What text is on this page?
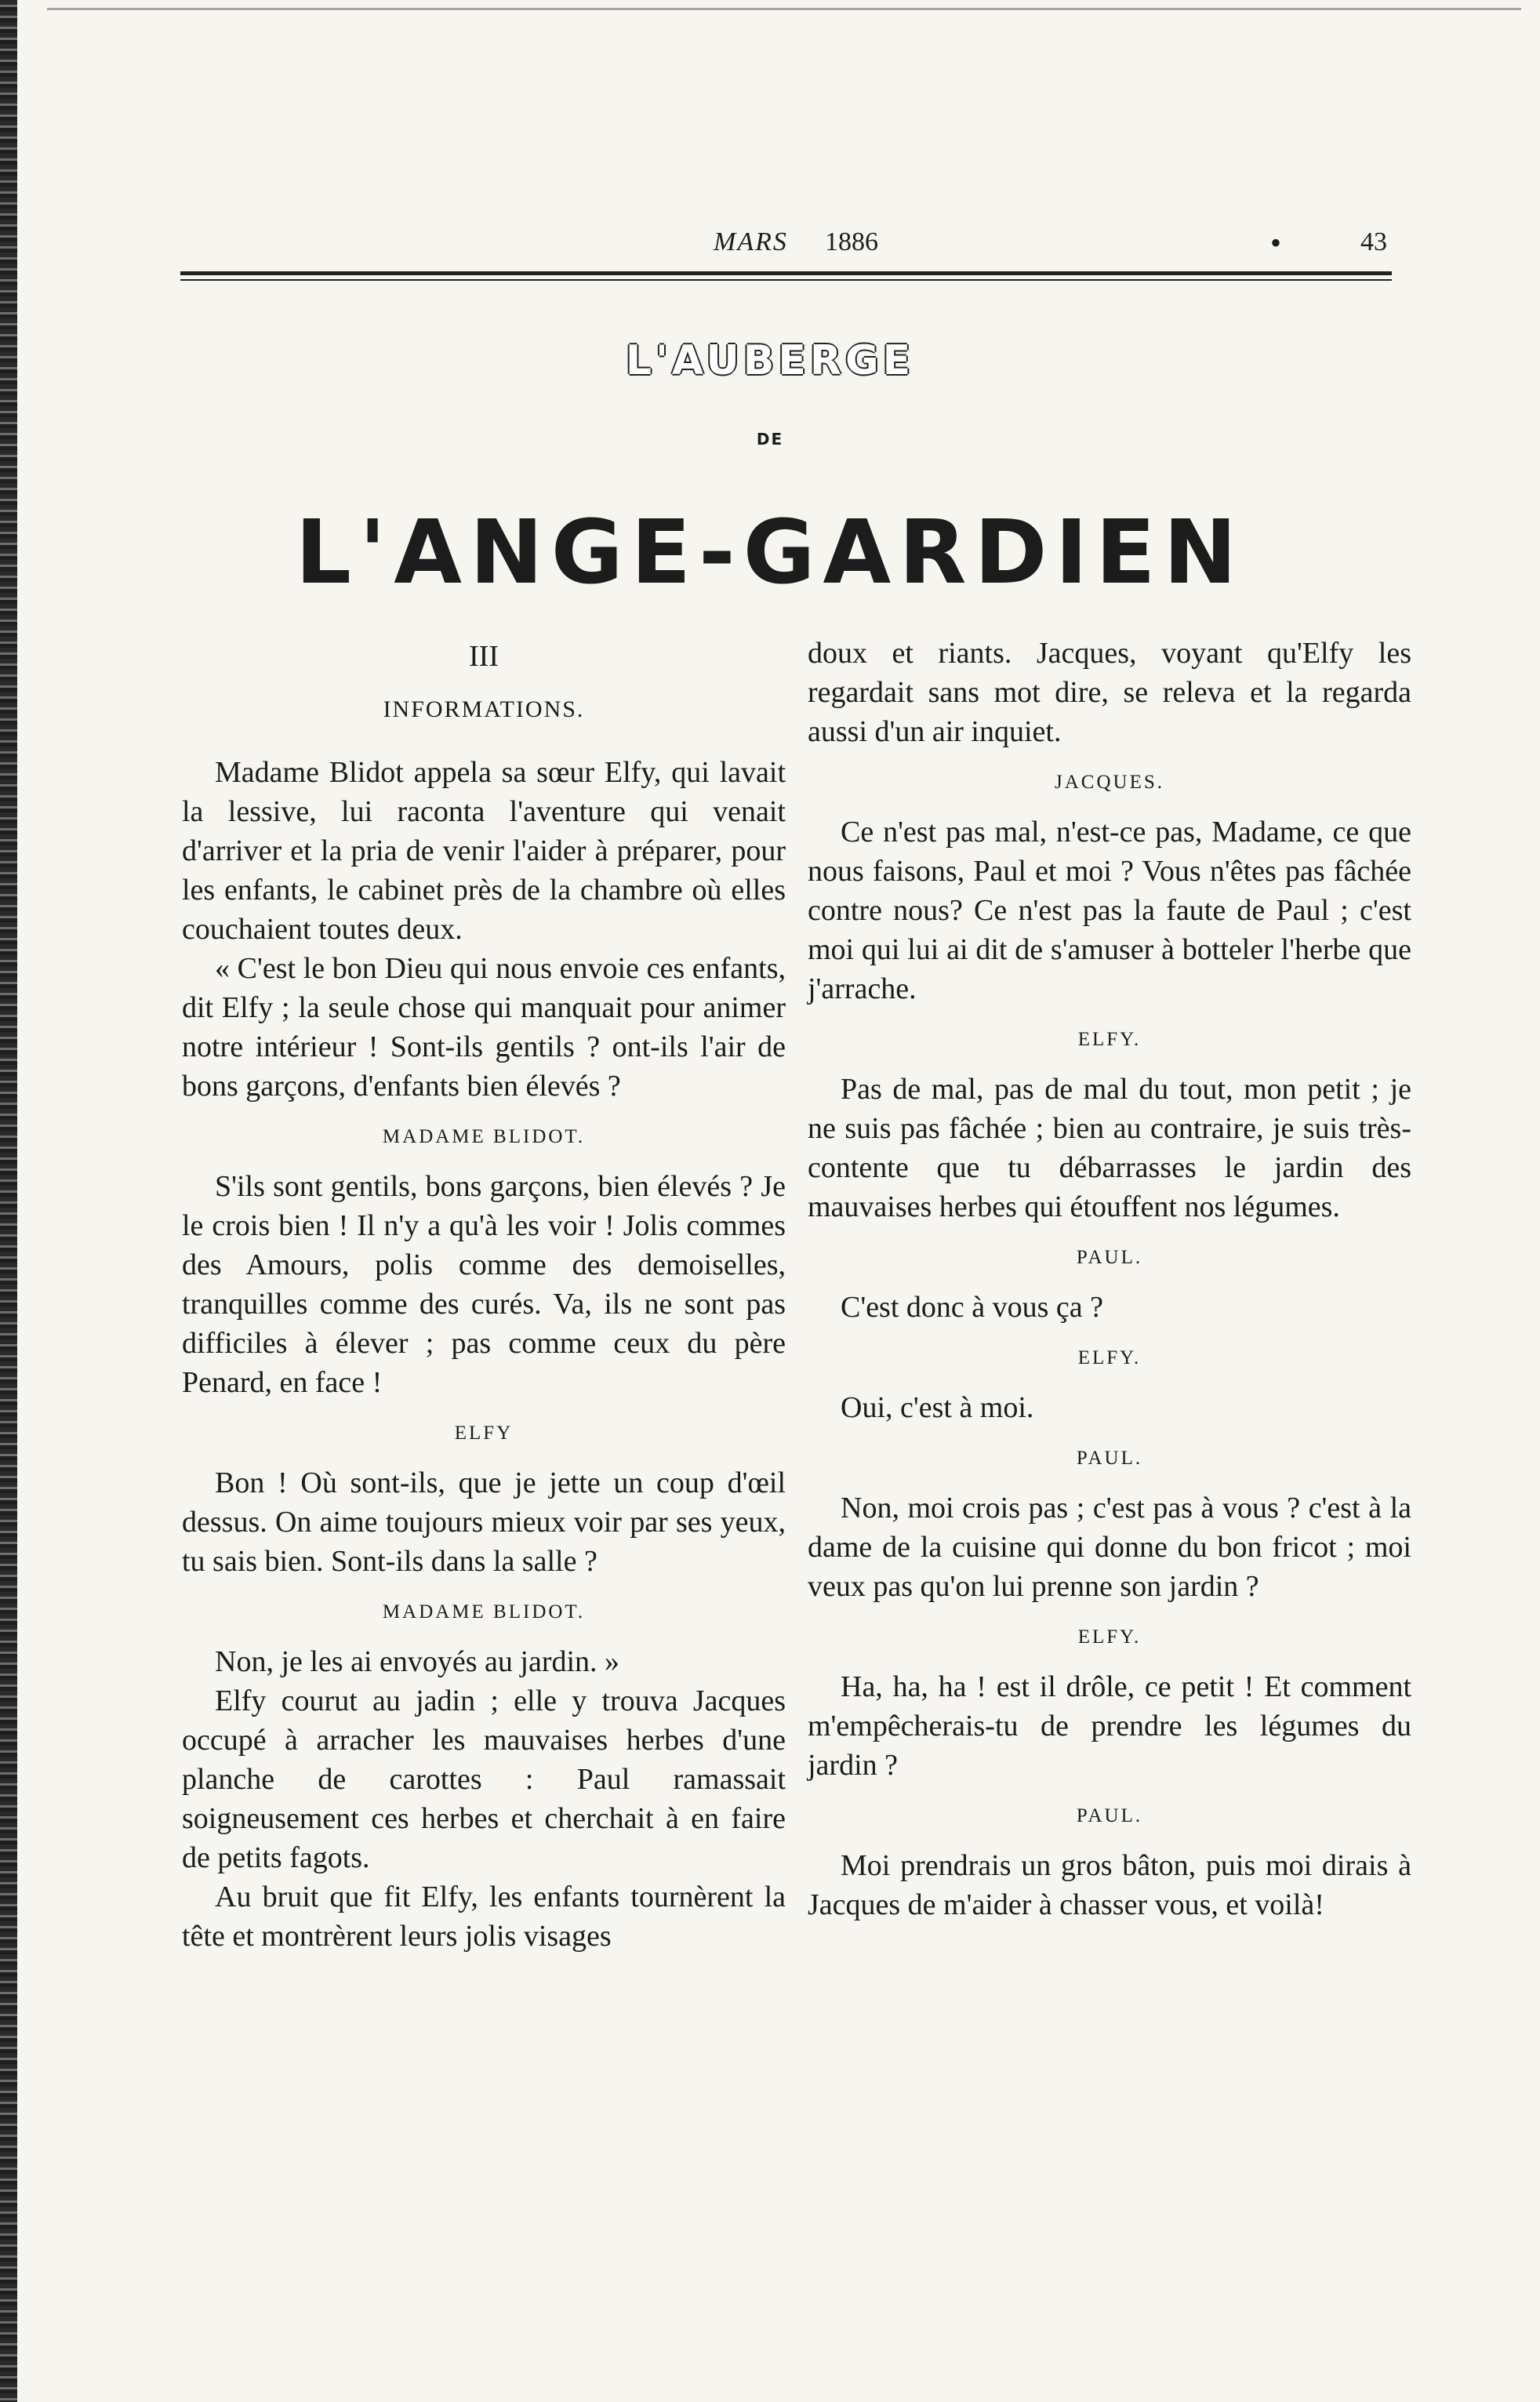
MARS 1886	•	43
L'AUBERGE
DE
L'ANGE-GARDIEN
III
INFORMATIONS.

Madame Blidot appela sa sœur Elfy, qui lavait la lessive, lui raconta l'aventure qui venait d'arriver et la pria de venir l'aider à préparer, pour les enfants, le cabinet près de la chambre où elles couchaient toutes deux.

« C'est le bon Dieu qui nous envoie ces enfants, dit Elfy ; la seule chose qui manquait pour animer notre intérieur ! Sont-ils gentils ? ont-ils l'air de bons garçons, d'enfants bien élevés ?

MADAME BLIDOT.

S'ils sont gentils, bons garçons, bien élevés ? Je le crois bien ! Il n'y a qu'à les voir ! Jolis commes des Amours, polis comme des demoiselles, tranquilles comme des curés. Va, ils ne sont pas difficiles à élever ; pas comme ceux du père Penard, en face !

ELFY

Bon ! Où sont-ils, que je jette un coup d'œil dessus. On aime toujours mieux voir par ses yeux, tu sais bien. Sont-ils dans la salle ?

MADAME BLIDOT.

Non, je les ai envoyés au jardin. »

Elfy courut au jadin ; elle y trouva Jacques occupé à arracher les mauvaises herbes d'une planche de carottes : Paul ramassait soigneusement ces herbes et cherchait à en faire de petits fagots.

Au bruit que fit Elfy, les enfants tournèrent la tête et montrèrent leurs jolis visages

doux et riants. Jacques, voyant qu'Elfy les regardait sans mot dire, se releva et la regarda aussi d'un air inquiet.

JACQUES.

Ce n'est pas mal, n'est-ce pas, Madame, ce que nous faisons, Paul et moi ? Vous n'êtes pas fâchée contre nous? Ce n'est pas la faute de Paul ; c'est moi qui lui ai dit de s'amuser à botteler l'herbe que j'arrache.

ELFY.

Pas de mal, pas de mal du tout, mon petit ; je ne suis pas fâchée ; bien au contraire, je suis très-contente que tu débarrasses le jardin des mauvaises herbes qui étouffent nos légumes.

PAUL.

C'est donc à vous ça ?

ELFY.

Oui, c'est à moi.

PAUL.

Non, moi crois pas ; c'est pas à vous ? c'est à la dame de la cuisine qui donne du bon fricot ; moi veux pas qu'on lui prenne son jardin ?

ELFY.

Ha, ha, ha ! est il drôle, ce petit ! Et comment m'empêcherais-tu de prendre les légumes du jardin ?

PAUL.

Moi prendrais un gros bâton, puis moi dirais à Jacques de m'aider à chasser vous, et voilà!
